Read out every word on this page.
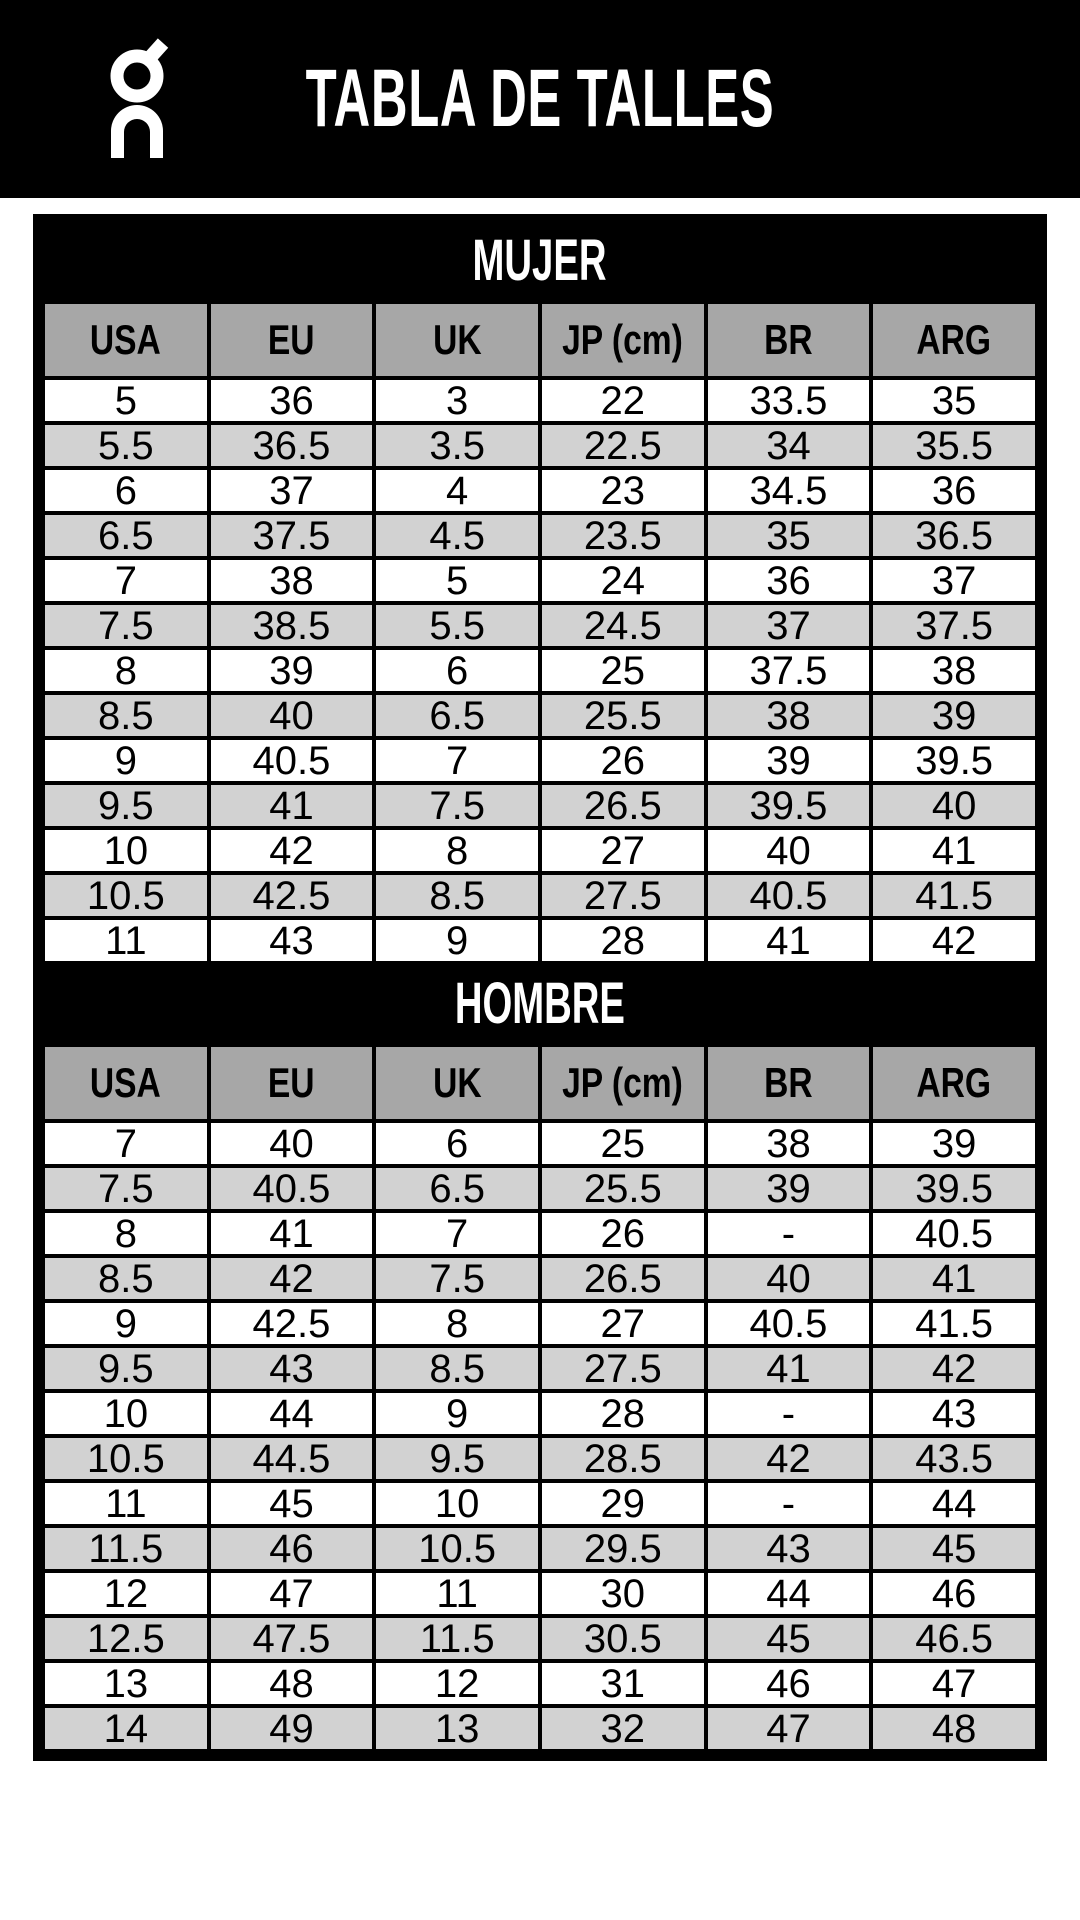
TABLA DE TALLES
MUJER
USA	EU	UK	JP (cm)	BR	ARG
5	36	3	22	33.5	35
5.5	36.5	3.5	22.5	34	35.5
6	37	4	23	34.5	36
6.5	37.5	4.5	23.5	35	36.5
7	38	5	24	36	37
7.5	38.5	5.5	24.5	37	37.5
8	39	6	25	37.5	38
8.5	40	6.5	25.5	38	39
9	40.5	7	26	39	39.5
9.5	41	7.5	26.5	39.5	40
10	42	8	27	40	41
10.5	42.5	8.5	27.5	40.5	41.5
11	43	9	28	41	42
HOMBRE
USA	EU	UK	JP (cm)	BR	ARG
7	40	6	25	38	39
7.5	40.5	6.5	25.5	39	39.5
8	41	7	26	-	40.5
8.5	42	7.5	26.5	40	41
9	42.5	8	27	40.5	41.5
9.5	43	8.5	27.5	41	42
10	44	9	28	-	43
10.5	44.5	9.5	28.5	42	43.5
11	45	10	29	-	44
11.5	46	10.5	29.5	43	45
12	47	11	30	44	46
12.5	47.5	11.5	30.5	45	46.5
13	48	12	31	46	47
14	49	13	32	47	48
